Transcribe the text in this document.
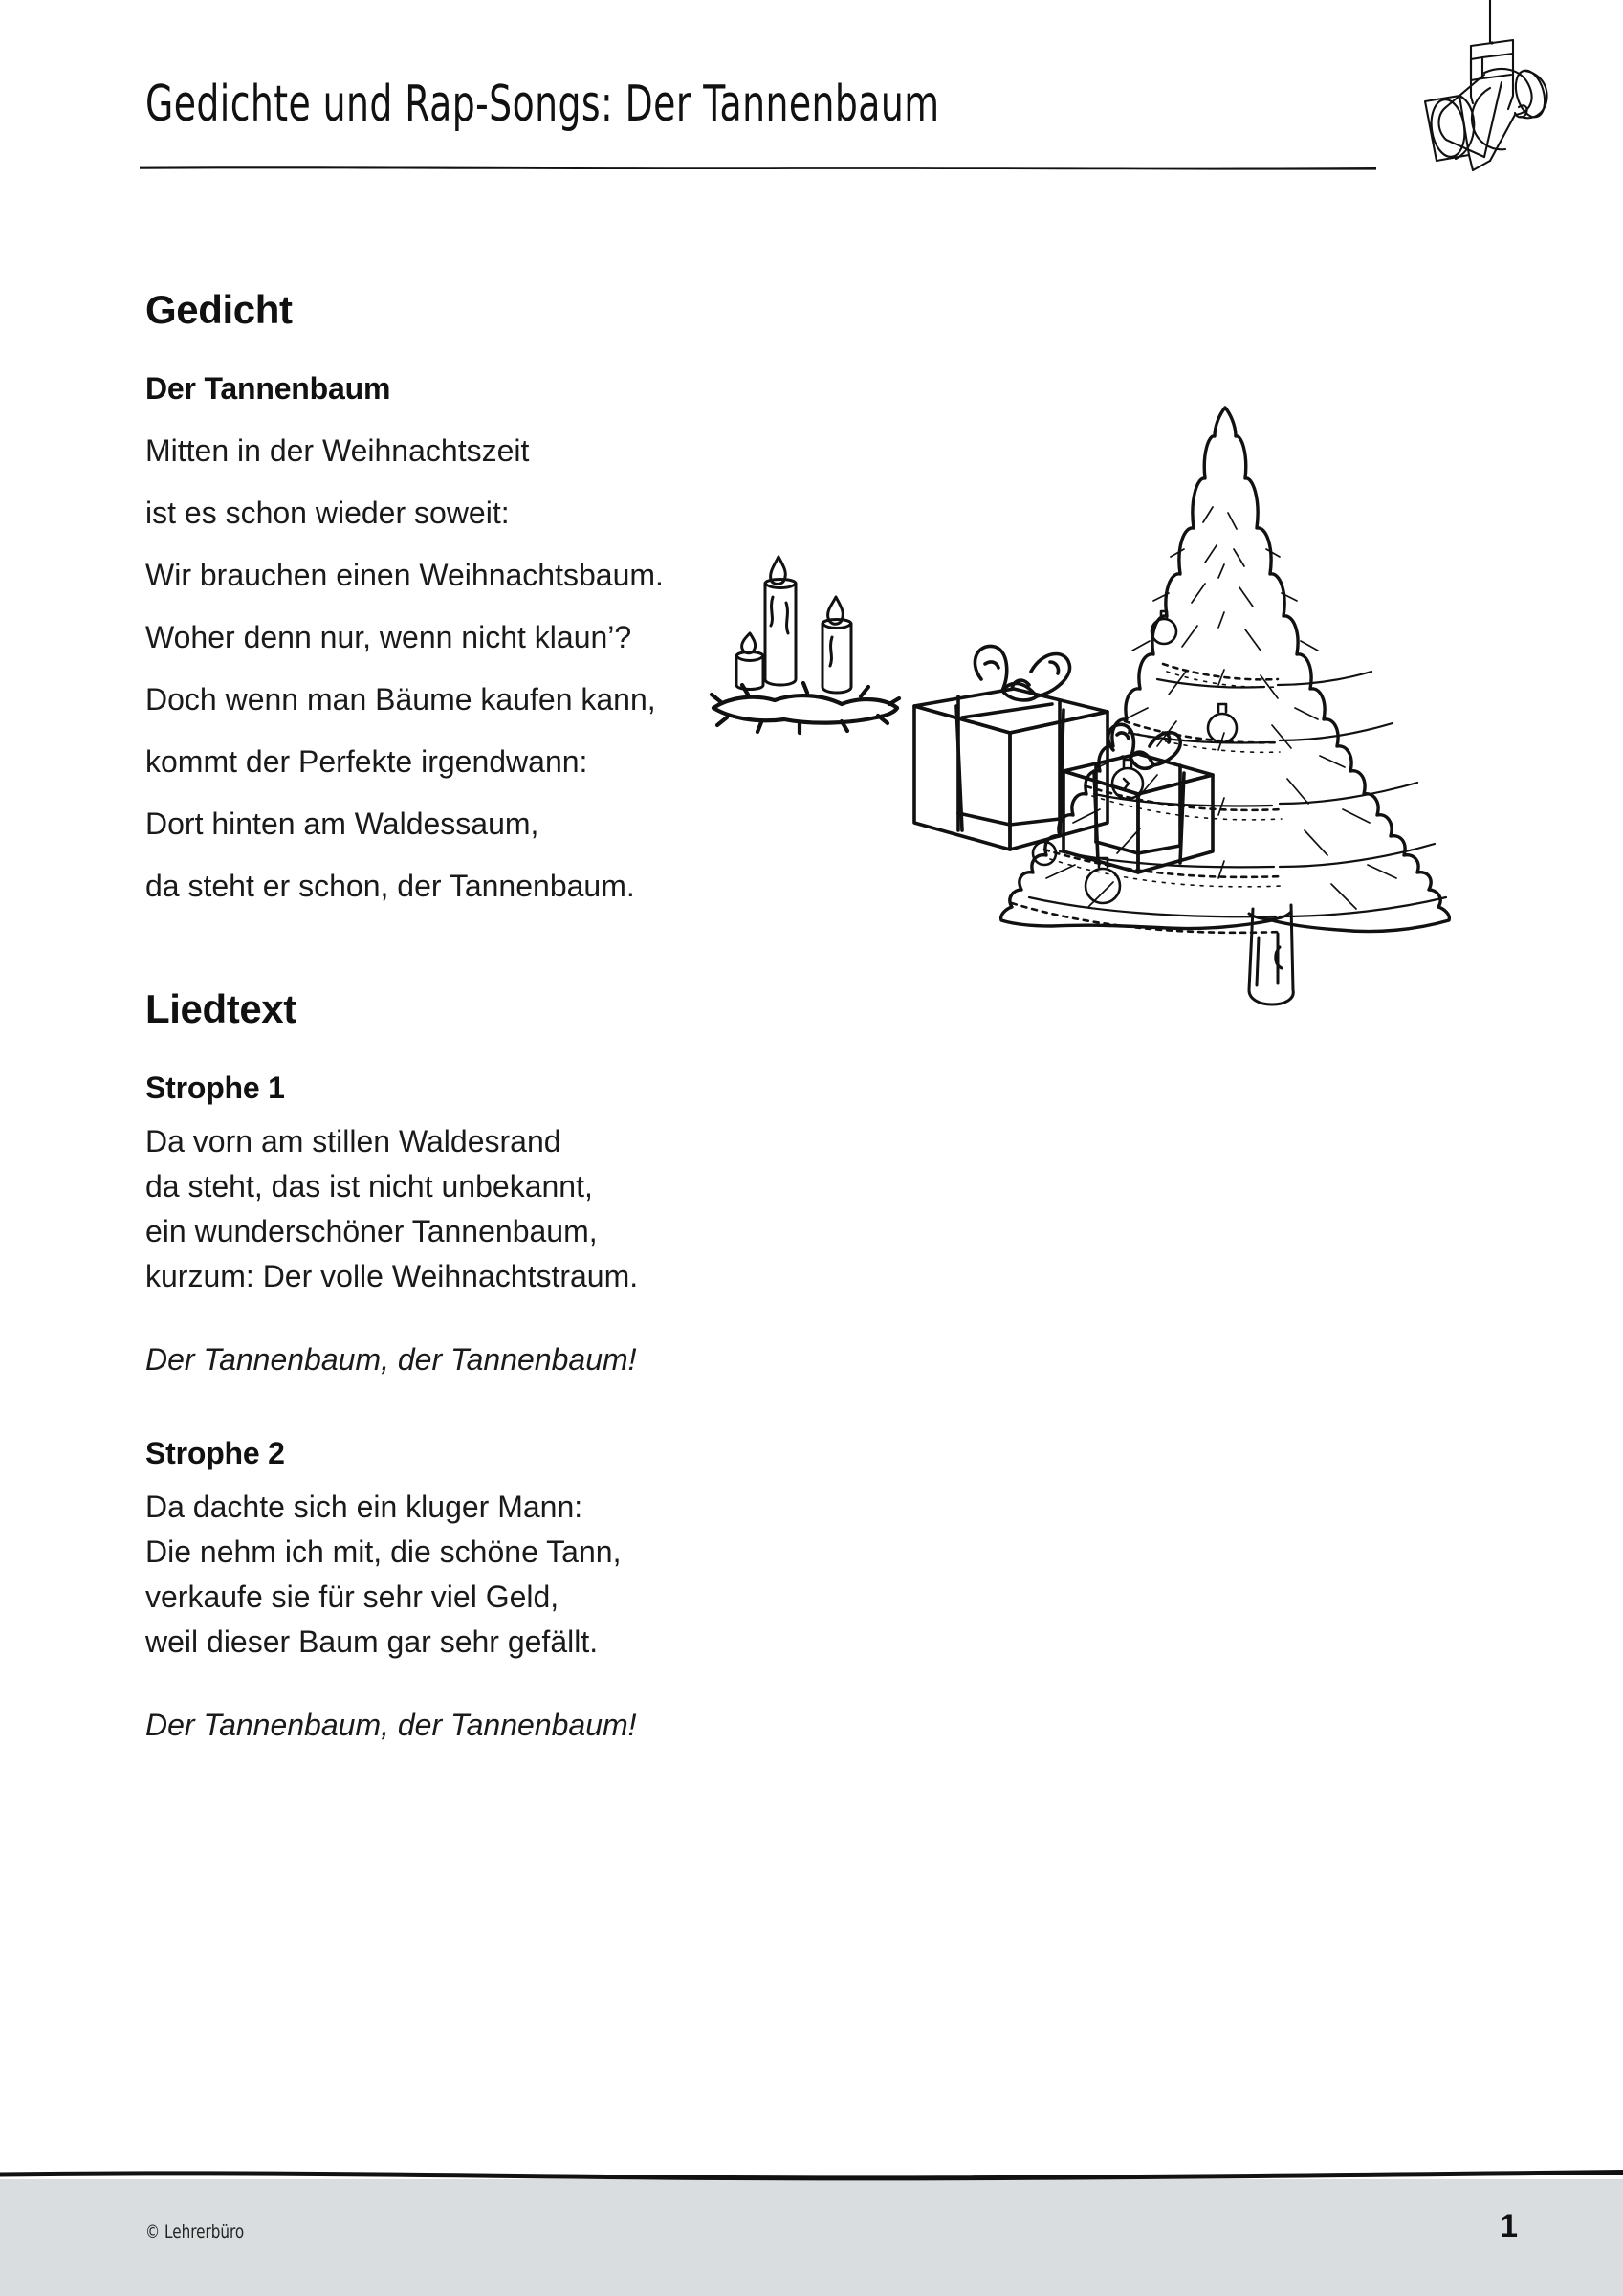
Gedichte und Rap-Songs: Der Tannenbaum
Gedicht
Der Tannenbaum
Mitten in der Weihnachtszeit
ist es schon wieder soweit:
Wir brauchen einen Weihnachtsbaum.
Woher denn nur, wenn nicht klaun’?
Doch wenn man Bäume kaufen kann,
kommt der Perfekte irgendwann:
Dort hinten am Waldessaum,
da steht er schon, der Tannenbaum.
Liedtext
Strophe 1
Da vorn am stillen Waldesrand
da steht, das ist nicht unbekannt,
ein wunderschöner Tannenbaum,
kurzum: Der volle Weihnachtstraum.
Der Tannenbaum, der Tannenbaum!
Strophe 2
Da dachte sich ein kluger Mann:
Die nehm ich mit, die schöne Tann,
verkaufe sie für sehr viel Geld,
weil dieser Baum gar sehr gefällt.
Der Tannenbaum, der Tannenbaum!
© Lehrerbüro	1
